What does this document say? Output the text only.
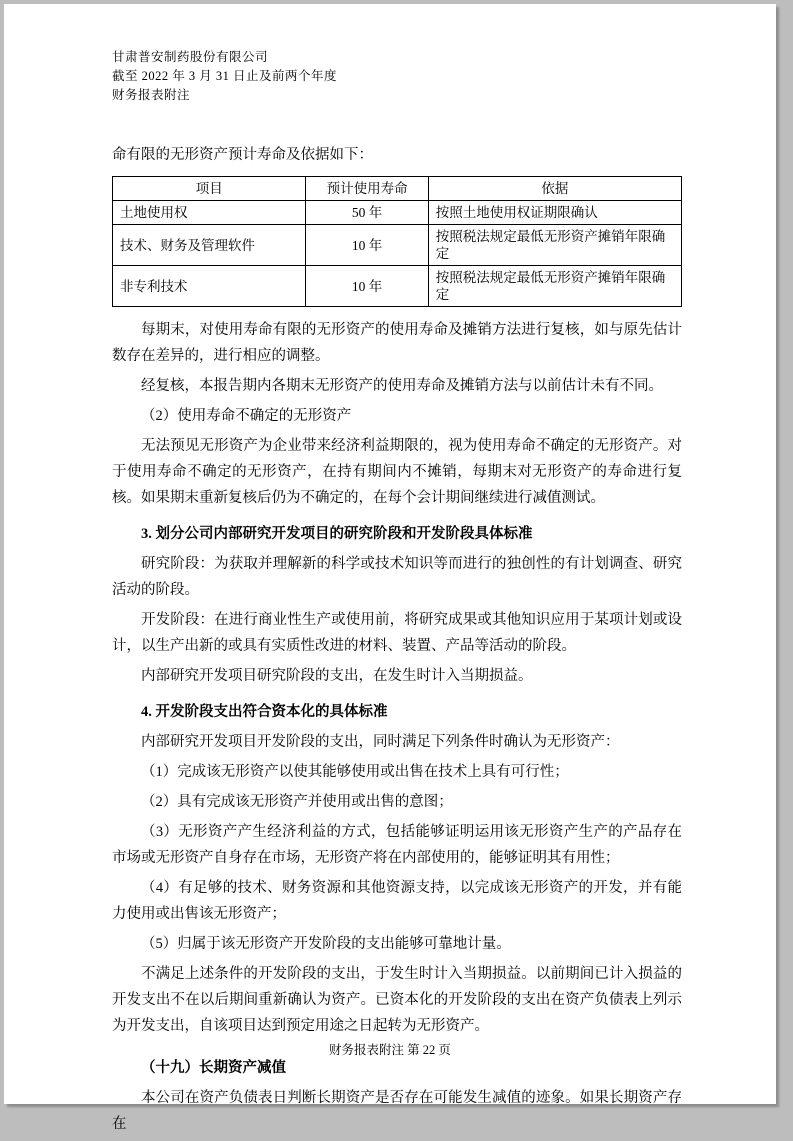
甘肃普安制药股份有限公司
截至 2022 年 3 月 31 日止及前两个年度
财务报表附注

命有限的无形资产预计寿命及依据如下：

项目	预计使用寿命	依据
土地使用权	50 年	按照土地使用权证期限确认
技术、财务及管理软件	10 年	按照税法规定最低无形资产摊销年限确定
非专利技术	10 年	按照税法规定最低无形资产摊销年限确定

每期末，对使用寿命有限的无形资产的使用寿命及摊销方法进行复核，如与原先估计数存在差异的，进行相应的调整。

经复核，本报告期内各期末无形资产的使用寿命及摊销方法与以前估计未有不同。

（2）使用寿命不确定的无形资产

无法预见无形资产为企业带来经济利益期限的，视为使用寿命不确定的无形资产。对于使用寿命不确定的无形资产，在持有期间内不摊销，每期末对无形资产的寿命进行复核。如果期末重新复核后仍为不确定的，在每个会计期间继续进行减值测试。

3. 划分公司内部研究开发项目的研究阶段和开发阶段具体标准

研究阶段：为获取并理解新的科学或技术知识等而进行的独创性的有计划调查、研究活动的阶段。

开发阶段：在进行商业性生产或使用前，将研究成果或其他知识应用于某项计划或设计，以生产出新的或具有实质性改进的材料、装置、产品等活动的阶段。

内部研究开发项目研究阶段的支出，在发生时计入当期损益。

4. 开发阶段支出符合资本化的具体标准

内部研究开发项目开发阶段的支出，同时满足下列条件时确认为无形资产：

（1）完成该无形资产以使其能够使用或出售在技术上具有可行性；

（2）具有完成该无形资产并使用或出售的意图；

（3）无形资产产生经济利益的方式，包括能够证明运用该无形资产生产的产品存在市场或无形资产自身存在市场，无形资产将在内部使用的，能够证明其有用性；

（4）有足够的技术、财务资源和其他资源支持，以完成该无形资产的开发，并有能力使用或出售该无形资产；

（5）归属于该无形资产开发阶段的支出能够可靠地计量。

不满足上述条件的开发阶段的支出，于发生时计入当期损益。以前期间已计入损益的开发支出不在以后期间重新确认为资产。已资本化的开发阶段的支出在资产负债表上列示为开发支出，自该项目达到预定用途之日起转为无形资产。

（十九）长期资产减值

本公司在资产负债表日判断长期资产是否存在可能发生减值的迹象。如果长期资产存在

财务报表附注 第 22 页
